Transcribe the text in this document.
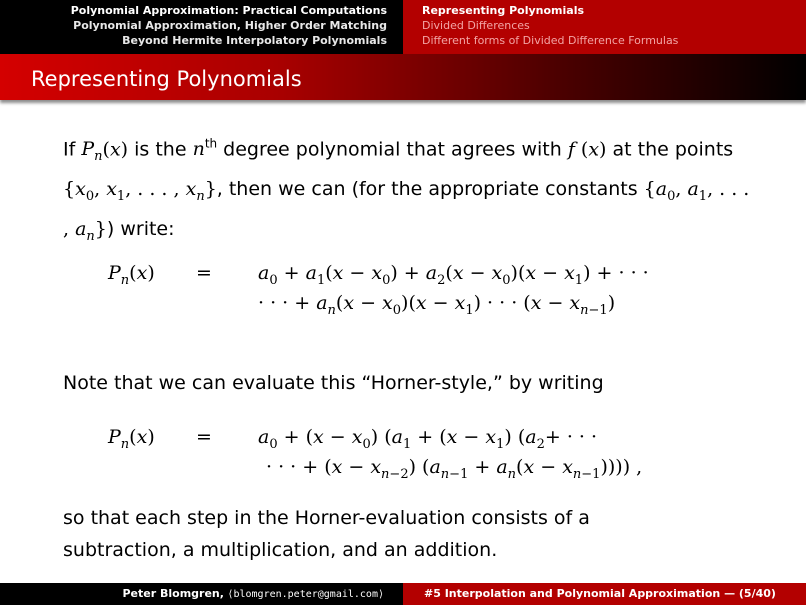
Polynomial Approximation: Practical Computations
Polynomial Approximation, Higher Order Matching
Beyond Hermite Interpolatory Polynomials
Representing Polynomials
Divided Differences
Different forms of Divided Difference Formulas
Representing Polynomials

If $P_n(x)$ is the $n^{th}$ degree polynomial that agrees with f (x) at the points {$x_0$, $x_1$, . . . , $x_n$}, then we can (for the appropriate constants {$a_0$, $a_1$, . . . , $a_n$}) write:

$P_n(x) = a_0 + a_1(x - x_0) + a_2(x - x_0)(x - x_1)$ + · · ·
· · · + $a_n(x - x_0)(x - x_1)$ · · · $(x - x_{n-1})$

Note that we can evaluate this “Horner-style,” by writing

$P_n(x) = a_0 + (x - x_0) (a_1 + (x - x_1) (a_2+$ · · ·
· · · + $(x - x_{n-2})$ $(a_{n-1} + a_n(x - x_{n-1}))$)) ,

so that each step in the Horner-evaluation consists of a subtraction, a multiplication, and an addition.

Peter Blomgren, ⟨blomgren.peter@gmail.com⟩	#5 Interpolation and Polynomial Approximation — (5/40)
